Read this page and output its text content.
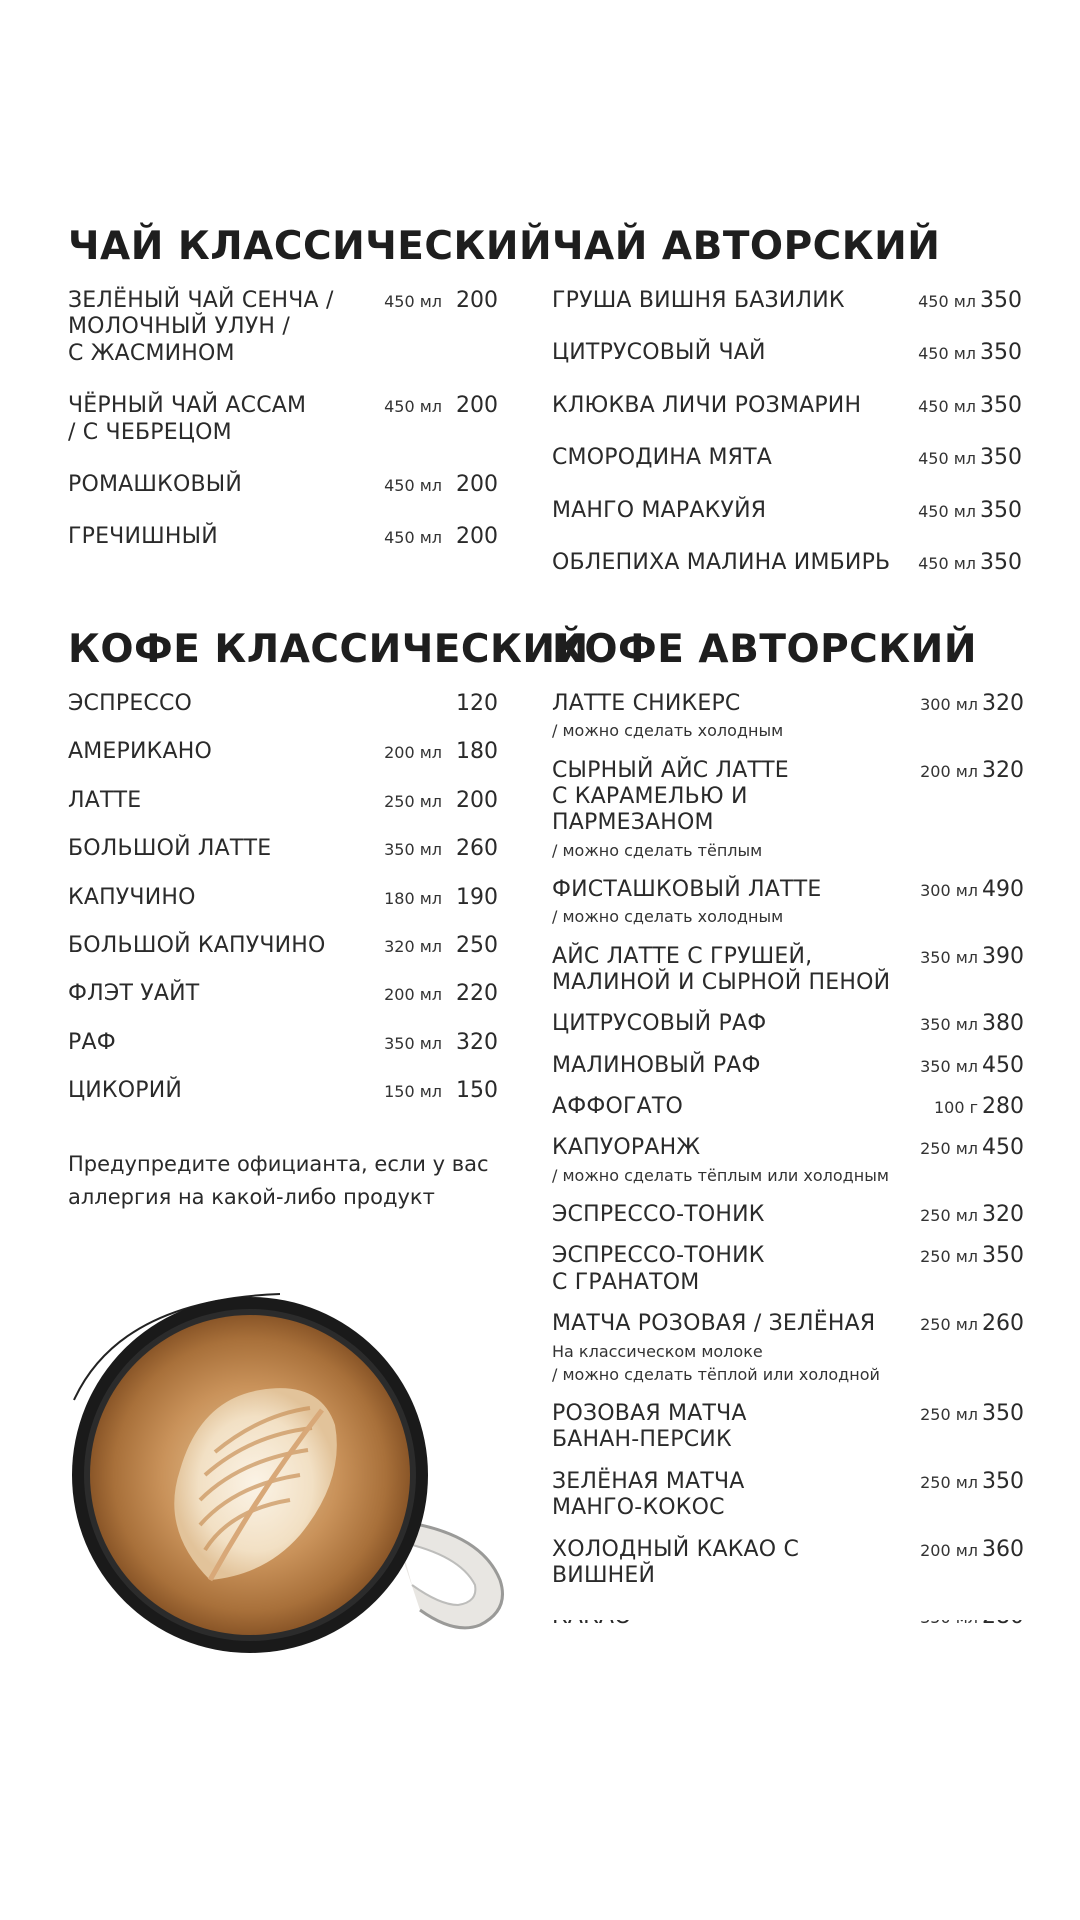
ЧАЙ КЛАССИЧЕСКИЙ
ЗЕЛЁНЫЙ ЧАЙ СЕНЧА /
МОЛОЧНЫЙ УЛУН /
С ЖАСМИНОМ
450 мл 200
ЧЁРНЫЙ ЧАЙ АССАМ
/ С ЧЕБРЕЦОМ
450 мл 200
РОМАШКОВЫЙ	450 мл 200
ГРЕЧИШНЫЙ	450 мл 200
ЧАЙ АВТОРСКИЙ
ГРУША ВИШНЯ БАЗИЛИК	450 мл 350
ЦИТРУСОВЫЙ ЧАЙ	450 мл 350
КЛЮКВА ЛИЧИ РОЗМАРИН	450 мл 350
СМОРОДИНА МЯТА	450 мл 350
МАНГО МАРАКУЙЯ	450 мл 350
ОБЛЕПИХА МАЛИНА ИМБИРЬ	450 мл 350
КОФЕ КЛАССИЧЕСКИЙ
ЭСПРЕССО	120
АМЕРИКАНО	200 мл 180
ЛАТТЕ	250 мл 200
БОЛЬШОЙ ЛАТТЕ	350 мл 260
КАПУЧИНО	180 мл 190
БОЛЬШОЙ КАПУЧИНО	320 мл 250
ФЛЭТ УАЙТ	200 мл 220
РАФ	350 мл 320
ЦИКОРИЙ	150 мл 150
КОФЕ АВТОРСКИЙ
ЛАТТЕ СНИКЕРС	300 мл 320
/ можно сделать холодным
СЫРНЫЙ АЙС ЛАТТЕ
С КАРАМЕЛЬЮ И ПАРМЕЗАНОМ
200 мл 320
/ можно сделать тёплым
ФИСТАШКОВЫЙ ЛАТТЕ	300 мл 490
/ можно сделать холодным
АЙС ЛАТТЕ С ГРУШЕЙ,
МАЛИНОЙ И СЫРНОЙ ПЕНОЙ
350 мл 390
ЦИТРУСОВЫЙ РАФ	350 мл 380
МАЛИНОВЫЙ РАФ	350 мл 450
АФФОГАТО	100 г 280
КАПУОРАНЖ	250 мл 450
/ можно сделать тёплым или холодным
ЭСПРЕССО-ТОНИК	250 мл 320
ЭСПРЕССО-ТОНИК
С ГРАНАТОМ
250 мл 350
МАТЧА РОЗОВАЯ / ЗЕЛЁНАЯ	250 мл 260
На классическом молоке
/ можно сделать тёплой или холодной
РОЗОВАЯ МАТЧА
БАНАН-ПЕРСИК
250 мл 350
ЗЕЛЁНАЯ МАТЧА
МАНГО-КОКОС
250 мл 350
ХОЛОДНЫЙ КАКАО С ВИШНЕЙ
200 мл 360
Предупредите официанта, если у вас
аллергия на какой-либо продукт
